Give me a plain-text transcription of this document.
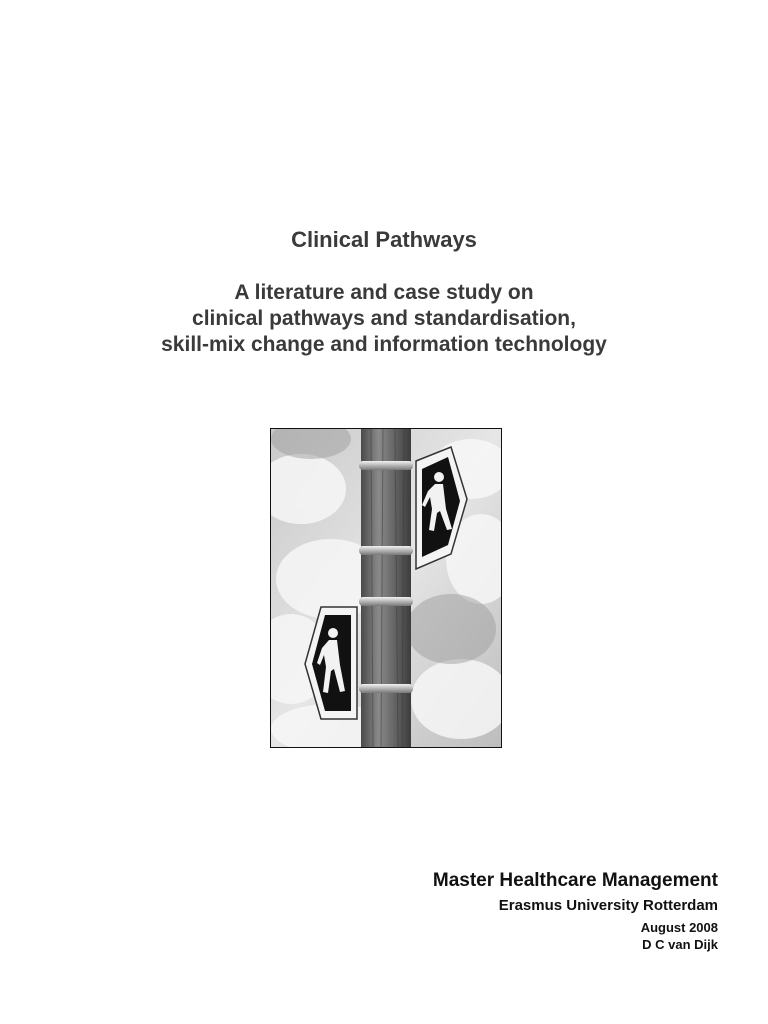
Clinical Pathways
A literature and case study on
clinical pathways and standardisation,
skill-mix change and information technology

Master Healthcare Management

Erasmus University Rotterdam

August 2008

D C van Dijk
